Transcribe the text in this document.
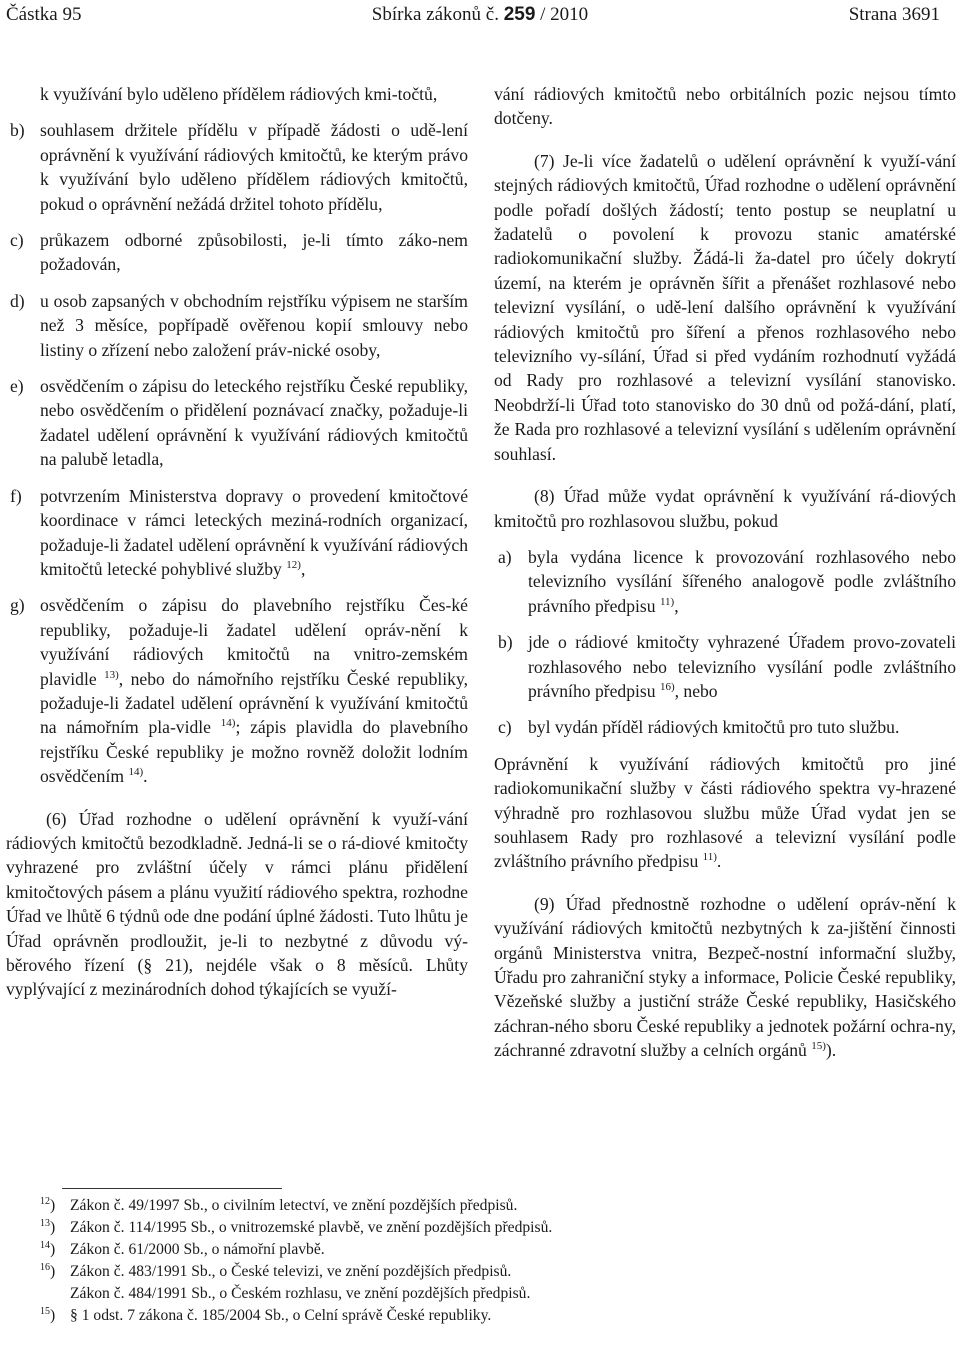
Částka 95	Sbírka zákonů č. 259 / 2010	Strana 3691

k využívání bylo uděleno přídělem rádiových kmi-točtů,

b) souhlasem držitele přídělu v případě žádosti o udě-lení oprávnění k využívání rádiových kmitočtů, ke kterým právo k využívání bylo uděleno přídělem rádiových kmitočtů, pokud o oprávnění nežádá držitel tohoto přídělu,

c) průkazem odborné způsobilosti, je-li tímto záko-nem požadován,

d) u osob zapsaných v obchodním rejstříku výpisem ne starším než 3 měsíce, popřípadě ověřenou kopií smlouvy nebo listiny o zřízení nebo založení práv-nické osoby,

e) osvědčením o zápisu do leteckého rejstříku České republiky, nebo osvědčením o přidělení poznávací značky, požaduje-li žadatel udělení oprávnění k využívání rádiových kmitočtů na palubě letadla,

f) potvrzením Ministerstva dopravy o provedení kmitočtové koordinace v rámci leteckých meziná-rodních organizací, požaduje-li žadatel udělení oprávnění k využívání rádiových kmitočtů letecké pohyblivé služby $^{12)}$,

g) osvědčením o zápisu do plavebního rejstříku Čes-ké republiky, požaduje-li žadatel udělení opráv-nění k využívání rádiových kmitočtů na vnitro-zemském plavidle $^{13)}$, nebo do námořního rejstříku České republiky, požaduje-li žadatel udělení oprávnění k využívání kmitočtů na námořním pla-vidle $^{14)}$; zápis plavidla do plavebního rejstříku České republiky je možno rovněž doložit lodním osvědčením $^{14)}$.

(6) Úřad rozhodne o udělení oprávnění k využí-vání rádiových kmitočtů bezodkladně. Jedná-li se o rá-diové kmitočty vyhrazené pro zvláštní účely v rámci plánu přidělení kmitočtových pásem a plánu využití rádiového spektra, rozhodne Úřad ve lhůtě 6 týdnů ode dne podání úplné žádosti. Tuto lhůtu je Úřad oprávněn prodloužit, je-li to nezbytné z důvodu vý-běrového řízení (§ 21), nejdéle však o 8 měsíců. Lhůty vyplývající z mezinárodních dohod týkajících se využí-

vání rádiových kmitočtů nebo orbitálních pozic nejsou tímto dotčeny.

(7) Je-li více žadatelů o udělení oprávnění k využí-vání stejných rádiových kmitočtů, Úřad rozhodne o udělení oprávnění podle pořadí došlých žádostí; tento postup se neuplatní u žadatelů o povolení k provozu stanic amatérské radiokomunikační služby. Žádá-li ža-datel pro účely dokrytí území, na kterém je oprávněn šířit a přenášet rozhlasové nebo televizní vysílání, o udě-lení dalšího oprávnění k využívání rádiových kmitočtů pro šíření a přenos rozhlasového nebo televizního vy-sílání, Úřad si před vydáním rozhodnutí vyžádá od Rady pro rozhlasové a televizní vysílání stanovisko. Neobdrží-li Úřad toto stanovisko do 30 dnů od požá-dání, platí, že Rada pro rozhlasové a televizní vysílání s udělením oprávnění souhlasí.

(8) Úřad může vydat oprávnění k využívání rá-diových kmitočtů pro rozhlasovou službu, pokud

a) byla vydána licence k provozování rozhlasového nebo televizního vysílání šířeného analogově podle zvláštního právního předpisu $^{11)}$,

b) jde o rádiové kmitočty vyhrazené Úřadem provo-zovateli rozhlasového nebo televizního vysílání podle zvláštního právního předpisu $^{16)}$, nebo

c) byl vydán příděl rádiových kmitočtů pro tuto službu.

Oprávnění k využívání rádiových kmitočtů pro jiné radiokomunikační služby v části rádiového spektra vy-hrazené výhradně pro rozhlasovou službu může Úřad vydat jen se souhlasem Rady pro rozhlasové a televizní vysílání podle zvláštního právního předpisu $^{11)}$.

(9) Úřad přednostně rozhodne o udělení opráv-nění k využívání rádiových kmitočtů nezbytných k za-jištění činnosti orgánů Ministerstva vnitra, Bezpeč-nostní informační služby, Úřadu pro zahraniční styky a informace, Policie České republiky, Vězeňské služby a justiční stráže České republiky, Hasičského záchran-ného sboru České republiky a jednotek požární ochra-ny, záchranné zdravotní služby a celních orgánů $^{15)}$).

$^{12}$) Zákon č. 49/1997 Sb., o civilním letectví, ve znění pozdějších předpisů.
$^{13}$) Zákon č. 114/1995 Sb., o vnitrozemské plavbě, ve znění pozdějších předpisů.
$^{14}$) Zákon č. 61/2000 Sb., o námořní plavbě.
$^{16}$) Zákon č. 483/1991 Sb., o České televizi, ve znění pozdějších předpisů.
Zákon č. 484/1991 Sb., o Českém rozhlasu, ve znění pozdějších předpisů.
$^{15}$) § 1 odst. 7 zákona č. 185/2004 Sb., o Celní správě České republiky.
